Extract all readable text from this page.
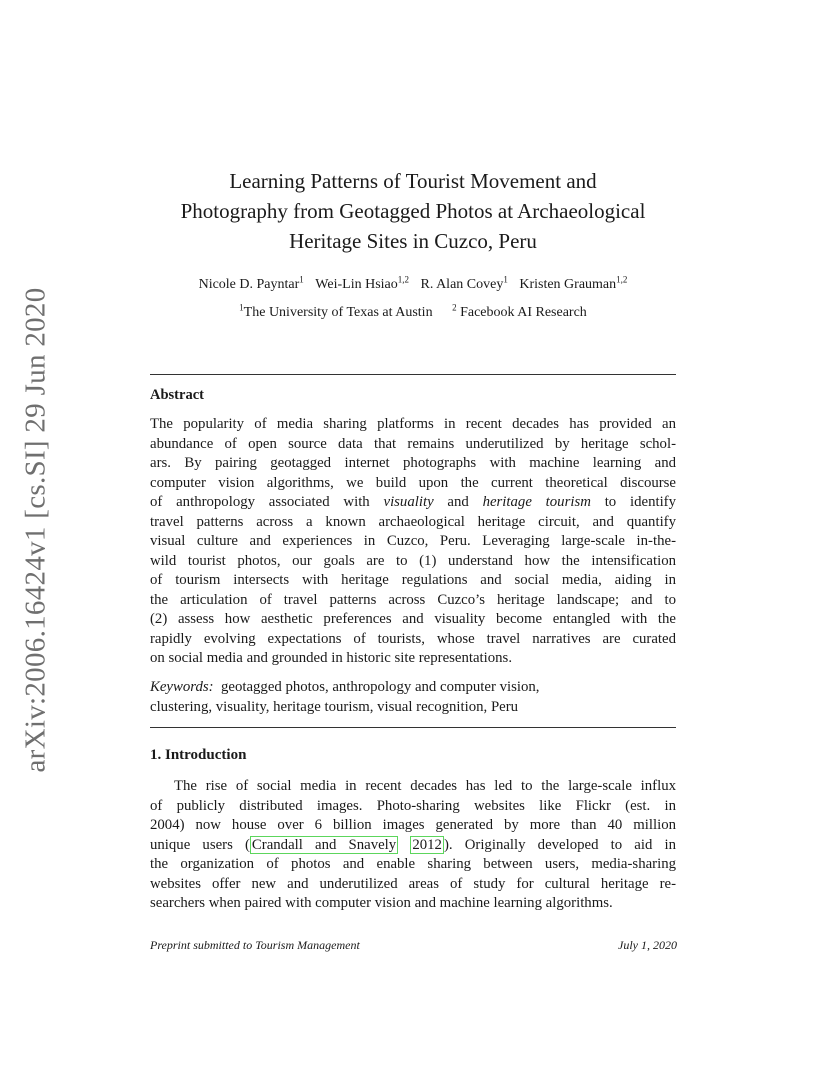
arXiv:2006.16424v1 [cs.SI] 29 Jun 2020
Learning Patterns of Tourist Movement and
Photography from Geotagged Photos at Archaeological
Heritage Sites in Cuzco, Peru
Nicole D. Payntar$^1$ Wei-Lin Hsiao$^{1,2}$ R. Alan Covey$^1$ Kristen Grauman$^{1,2}$
$^1$The University of Texas at Austin $^2$ Facebook AI Research
Abstract

The popularity of media sharing platforms in recent decades has provided an
abundance of open source data that remains underutilized by heritage schol-
ars. By pairing geotagged internet photographs with machine learning and
computer vision algorithms, we build upon the current theoretical discourse
of anthropology associated with visuality and heritage tourism to identify
travel patterns across a known archaeological heritage circuit, and quantify
visual culture and experiences in Cuzco, Peru. Leveraging large-scale in-the-
wild tourist photos, our goals are to (1) understand how the intensification
of tourism intersects with heritage regulations and social media, aiding in
the articulation of travel patterns across Cuzco’s heritage landscape; and to
(2) assess how aesthetic preferences and visuality become entangled with the
rapidly evolving expectations of tourists, whose travel narratives are curated
on social media and grounded in historic site representations.

Keywords: geotagged photos, anthropology and computer vision,
clustering, visuality, heritage tourism, visual recognition, Peru

1. Introduction

The rise of social media in recent decades has led to the large-scale influx
of publicly distributed images. Photo-sharing websites like Flickr (est. in
2004) now house over 6 billion images generated by more than 40 million
unique users ( Crandall and Snavely 2012 ). Originally developed to aid in
the organization of photos and enable sharing between users, media-sharing
websites offer new and underutilized areas of study for cultural heritage re-
searchers when paired with computer vision and machine learning algorithms.

Preprint submitted to Tourism Management	July 1, 2020
